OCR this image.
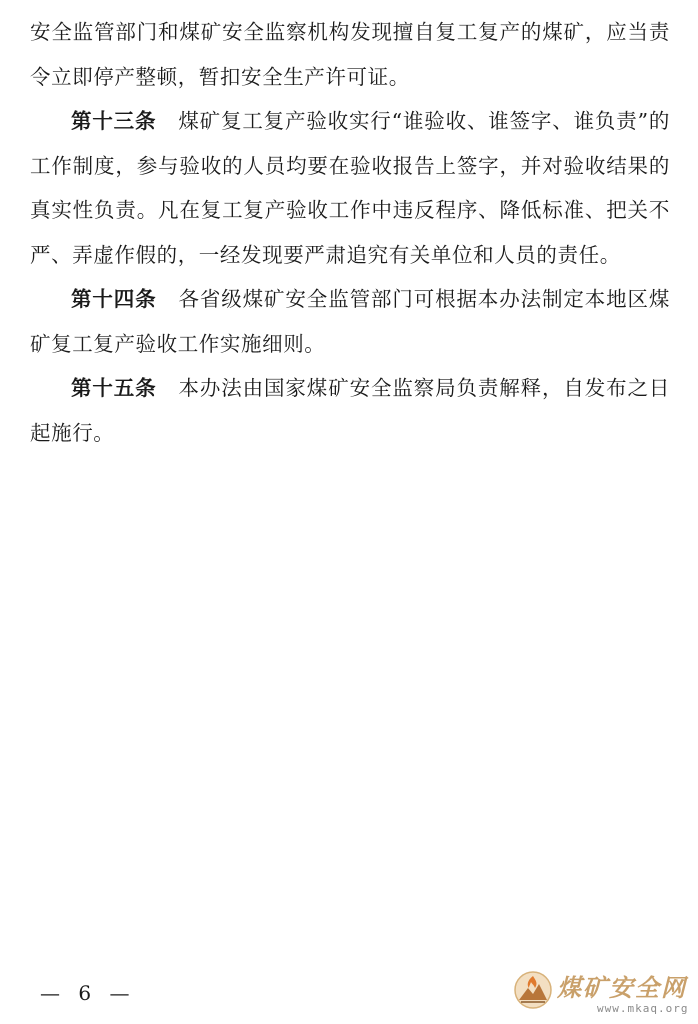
安全监管部门和煤矿安全监察机构发现擅自复工复产的煤矿，应当责令立即停产整顿，暂扣安全生产许可证。

第十三条 煤矿复工复产验收实行“谁验收、谁签字、谁负责”的工作制度，参与验收的人员均要在验收报告上签字，并对验收结果的真实性负责。凡在复工复产验收工作中违反程序、降低标准、把关不严、弄虚作假的，一经发现要严肃追究有关单位和人员的责任。

第十四条 各省级煤矿安全监管部门可根据本办法制定本地区煤矿复工复产验收工作实施细则。

第十五条 本办法由国家煤矿安全监察局负责解释，自发布之日起施行。

— 6 —	煤矿安全网
www.mkaq.org
